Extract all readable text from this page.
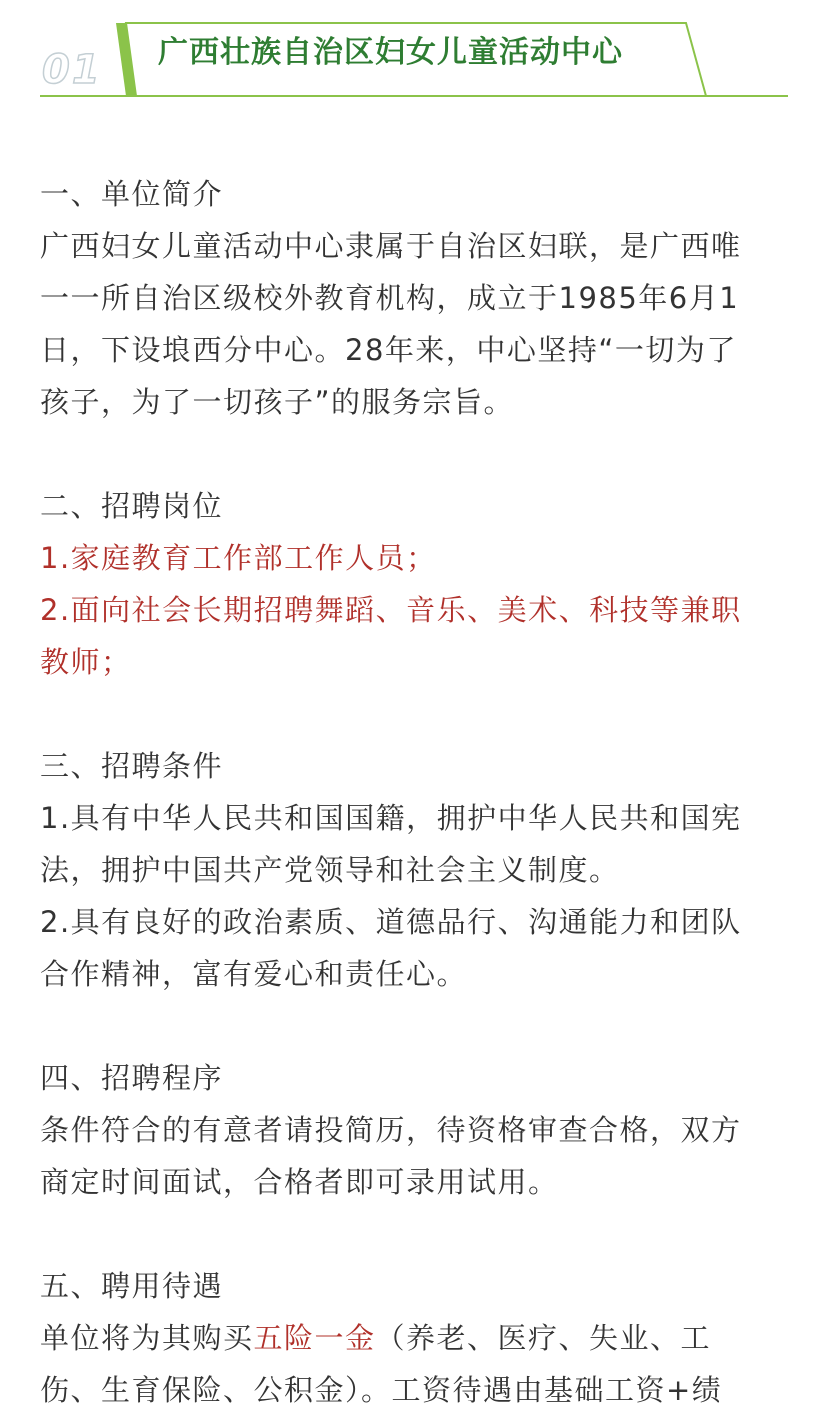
01 广西壮族自治区妇女儿童活动中心

一、单位简介

广西妇女儿童活动中心隶属于自治区妇联，是广西唯

一一所自治区级校外教育机构，成立于1985年6月1

日，下设埌西分中心。28年来，中心坚持“一切为了

孩子，为了一切孩子”的服务宗旨。

二、招聘岗位

1.家庭教育工作部工作人员；

2.面向社会长期招聘舞蹈、音乐、美术、科技等兼职

教师；

三、招聘条件

1.具有中华人民共和国国籍，拥护中华人民共和国宪

法，拥护中国共产党领导和社会主义制度。

2.具有良好的政治素质、道德品行、沟通能力和团队

合作精神，富有爱心和责任心。

四、招聘程序

条件符合的有意者请投简历，待资格审查合格，双方

商定时间面试，合格者即可录用试用。

五、聘用待遇

单位将为其购买五险一金（养老、医疗、失业、工

伤、生育保险、公积金）。工资待遇由基础工资+绩
